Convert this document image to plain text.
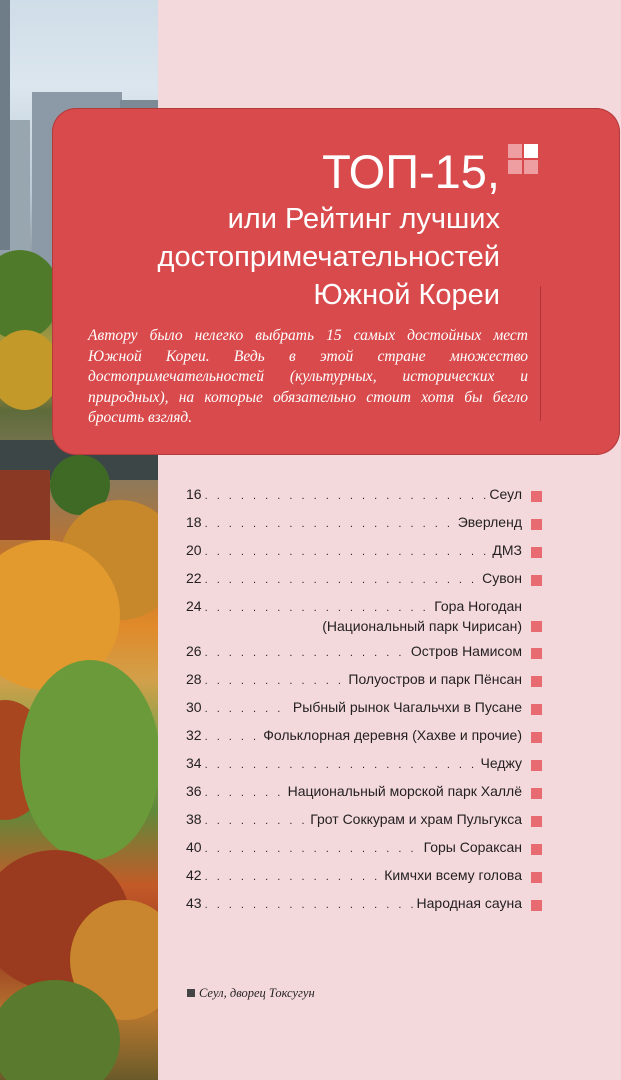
ТОП-15,
или Рейтинг лучших
достопримечательностей
Южной Кореи

Автору было нелегко выбрать 15 самых достойных мест Южной Кореи. Ведь в этой стране множество достопримечательностей (культурных, исторических и природных), на которые обязательно стоит хотя бы бегло бросить взгляд.

16 . . .	Сеул
18 . . .	Эверленд
20 . . .	ДМЗ
22 . . .	Сувон
24 . . .	Гора Ногодан
(Национальный парк Чирисан)
26 . . .	Остров Намисом
28 . . .	Полуостров и парк Пёнсан
30 . . .	Рыбный рынок Чагальчхи в Пусане
32 . . .	Фольклорная деревня (Хахве и прочие)
34 . . .	Чеджу
36 . . .	Национальный морской парк Халлё
38 . . .	Грот Соккурам и храм Пульгукса
40 . . .	Горы Сораксан
42 . . .	Кимчхи всему голова
43 . . .	Народная сауна
Сеул, дворец Токсугун
